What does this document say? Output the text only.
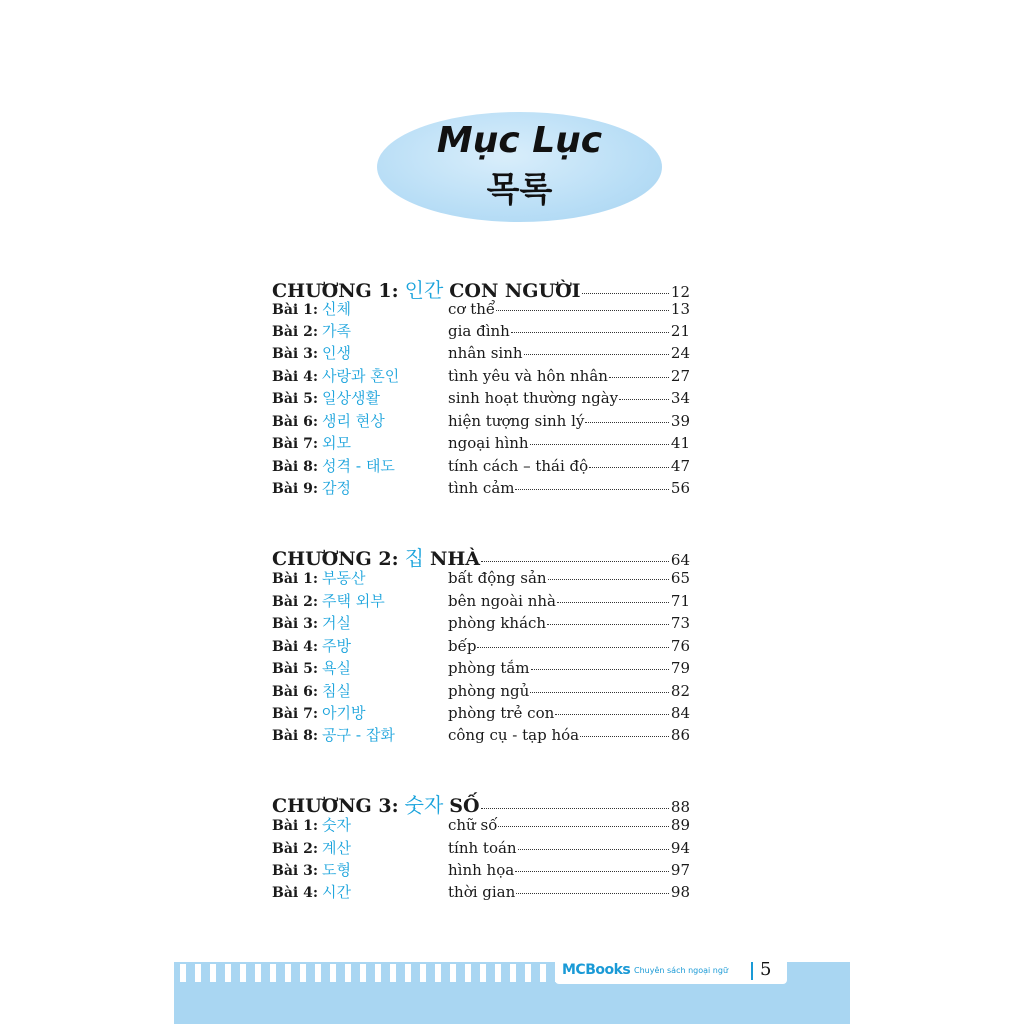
Mục Lục
목록
CHƯƠNG 1: 인간 CON NGƯỜI	12
Bài 1: 신체	cơ thể	13
Bài 2: 가족	gia đình	21
Bài 3: 인생	nhân sinh	24
Bài 4: 사랑과 혼인	tình yêu và hôn nhân	27
Bài 5: 일상생활	sinh hoạt thường ngày	34
Bài 6: 생리 현상	hiện tượng sinh lý	39
Bài 7: 외모	ngoại hình	41
Bài 8: 성격 - 태도	tính cách – thái độ	47
Bài 9: 감정	tình cảm	56
CHƯƠNG 2: 집 NHÀ	64
Bài 1: 부동산	bất động sản	65
Bài 2: 주택 외부	bên ngoài nhà	71
Bài 3: 거실	phòng khách	73
Bài 4: 주방	bếp	76
Bài 5: 욕실	phòng tắm	79
Bài 6: 침실	phòng ngủ	82
Bài 7: 아기방	phòng trẻ con	84
Bài 8: 공구 - 잡화	công cụ - tạp hóa	86
CHƯƠNG 3: 숫자 SỐ	88
Bài 1: 숫자	chữ số	89
Bài 2: 계산	tính toán	94
Bài 3: 도형	hình họa	97
Bài 4: 시간	thời gian	98
MCBooks Chuyên sách ngoại ngữ 5
